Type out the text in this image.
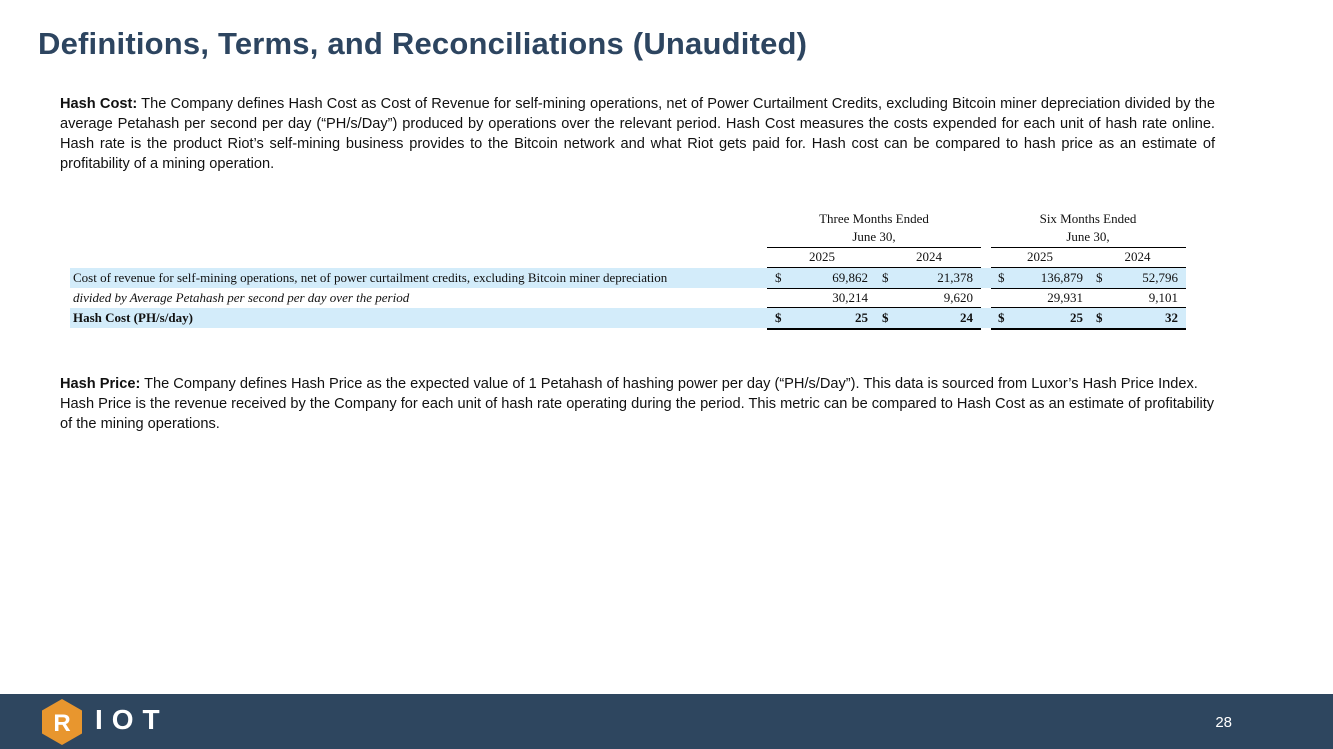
Definitions, Terms, and Reconciliations (Unaudited)

Hash Cost: The Company defines Hash Cost as Cost of Revenue for self-mining operations, net of Power Curtailment Credits, excluding Bitcoin miner depreciation divided by the average Petahash per second per day (“PH/s/Day”) produced by operations over the relevant period. Hash Cost measures the costs expended for each unit of hash rate online. Hash rate is the product Riot’s self-mining business provides to the Bitcoin network and what Riot gets paid for. Hash cost can be compared to hash price as an estimate of profitability of a mining operation.

Three Months Ended
June 30,
Six Months Ended
June 30,
2025	2024	2025	2024
Cost of revenue for self-mining operations, net of power curtailment credits, excluding Bitcoin miner depreciation	$	69,862 $	21,378 $	136,879 $	52,796
divided by Average Petahash per second per day over the period	30,214	9,620	29,931	9,101
Hash Cost (PH/s/day)	$	25 $	24 $	25 $	32

Hash Price: The Company defines Hash Price as the expected value of 1 Petahash of hashing power per day (“PH/s/Day”). This data is sourced from Luxor’s Hash Price Index. Hash Price is the revenue received by the Company for each unit of hash rate operating during the period. This metric can be compared to Hash Cost as an estimate of profitability of the mining operations.

R IOT	28
